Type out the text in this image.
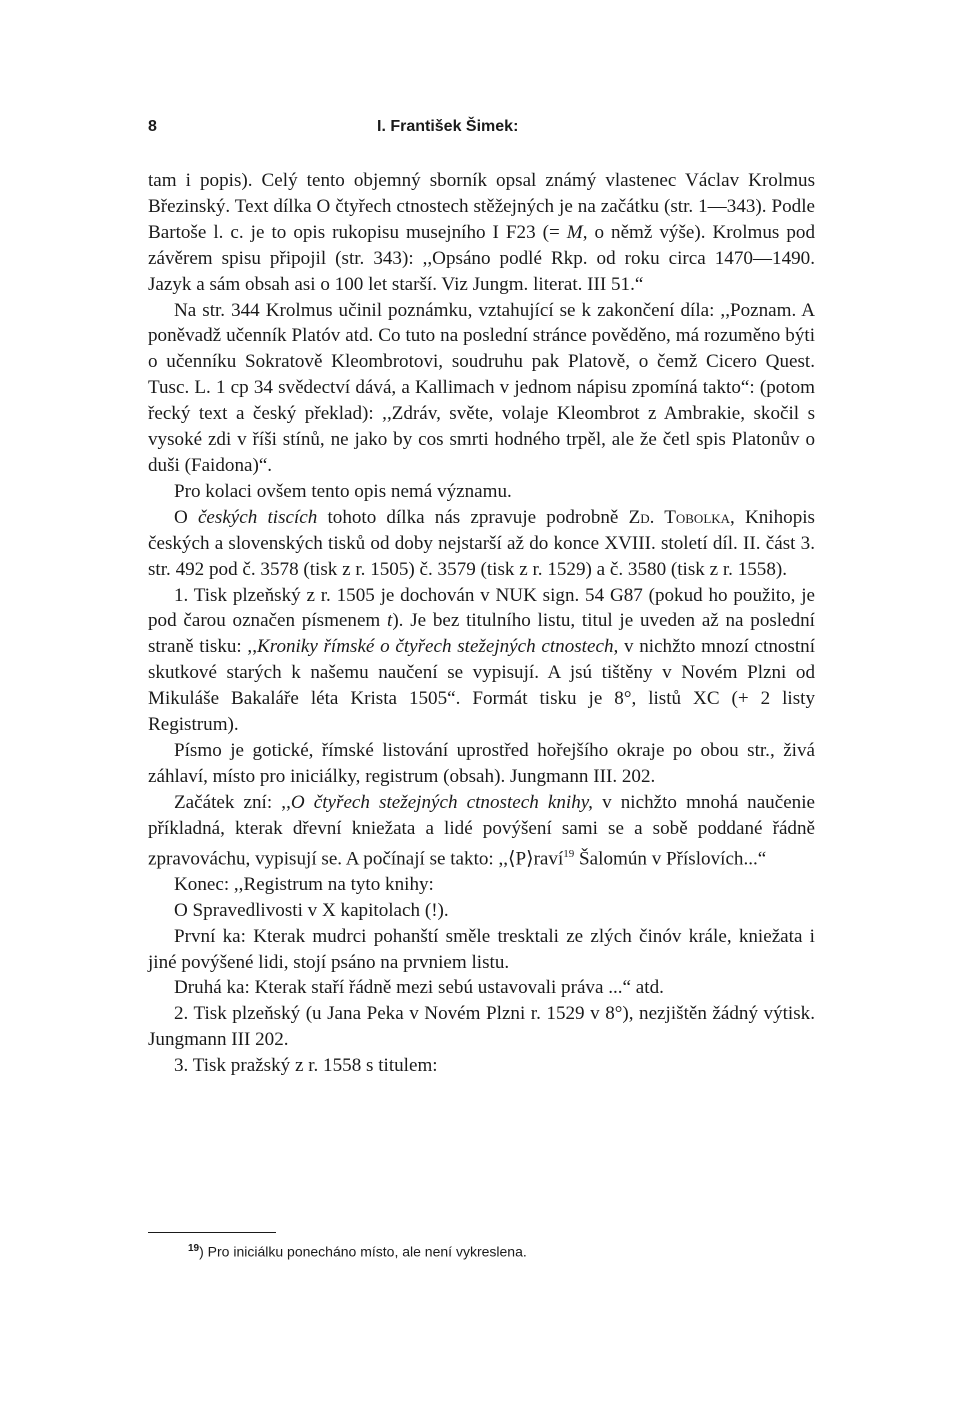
8	I. František Šimek:

tam i popis). Celý tento objemný sborník opsal známý vlastenec Václav Krolmus Březinský. Text dílka O čtyřech ctnostech stěžejných je na začátku (str. 1—343). Podle Bartoše l. c. je to opis rukopisu musejního I F23 (= M, o němž výše). Krolmus pod závěrem spisu připojil (str. 343): ,,Opsáno podlé Rkp. od roku circa 1470—1490. Jazyk a sám obsah asi o 100 let starší. Viz Jungm. literat. III 51.“

Na str. 344 Krolmus učinil poznámku, vztahující se k zakončení díla: ,,Poznam. A poněvadž učenník Platóv atd. Co tuto na poslední stránce pověděno, má rozuměno býti o učenníku Sokratově Kleombrotovi, soudruhu pak Platově, o čemž Cicero Quest. Tusc. L. 1 cp 34 svědectví dává, a Kallimach v jednom nápisu zpomíná takto“: (potom řecký text a český překlad): ,,Zdráv, světe, volaje Kleombrot z Ambrakie, skočil s vysoké zdi v říši stínů, ne jako by cos smrti hodného trpěl, ale že četl spis Platonův o duši (Faidona)“.

Pro kolaci ovšem tento opis nemá významu.

O českých tiscích tohoto dílka nás zpravuje podrobně Zd. Tobolka, Knihopis českých a slovenských tisků od doby nejstarší až do konce XVIII. století díl. II. část 3. str. 492 pod č. 3578 (tisk z r. 1505) č. 3579 (tisk z r. 1529) a č. 3580 (tisk z r. 1558).

1. Tisk plzeňský z r. 1505 je dochován v NUK sign. 54 G87 (pokud ho použito, je pod čarou označen písmenem t). Je bez titulního listu, titul je uveden až na poslední straně tisku: ,,Kroniky římské o čtyřech stežejných ctnostech, v nichžto mnozí ctnostní skutkové starých k našemu naučení se vypisují. A jsú tištěny v Novém Plzni od Mikuláše Bakaláře léta Krista 1505“. Formát tisku je 8°, listů XC (+ 2 listy Registrum).

Písmo je gotické, římské listování uprostřed hořejšího okraje po obou str., živá záhlaví, místo pro iniciálky, registrum (obsah). Jungmann III. 202.

Začátek zní: ,,O čtyřech stežejných ctnostech knihy, v nichžto mnohá naučenie příkladná, kterak dřevní kniežata a lidé povýšení sami se a sobě poddané řádně zpravováchu, vypisují se. A počínají se takto: ,,⟨P⟩raví$^{19}$ Šalomún v Příslovích...“

Konec: ,,Registrum na tyto knihy:

O Spravedlivosti v X kapitolach (!).

První ka: Kterak mudrci pohanští směle tresktali ze zlých činóv krále, kniežata i jiné povýšené lidi, stojí psáno na prvniem listu.

Druhá ka: Kterak staří řádně mezi sebú ustavovali práva ...“ atd.

2. Tisk plzeňský (u Jana Peka v Novém Plzni r. 1529 v 8°), nezjištěn žádný výtisk. Jungmann III 202.

3. Tisk pražský z r. 1558 s titulem:

$^{19}$) Pro iniciálku ponecháno místo, ale není vykreslena.
